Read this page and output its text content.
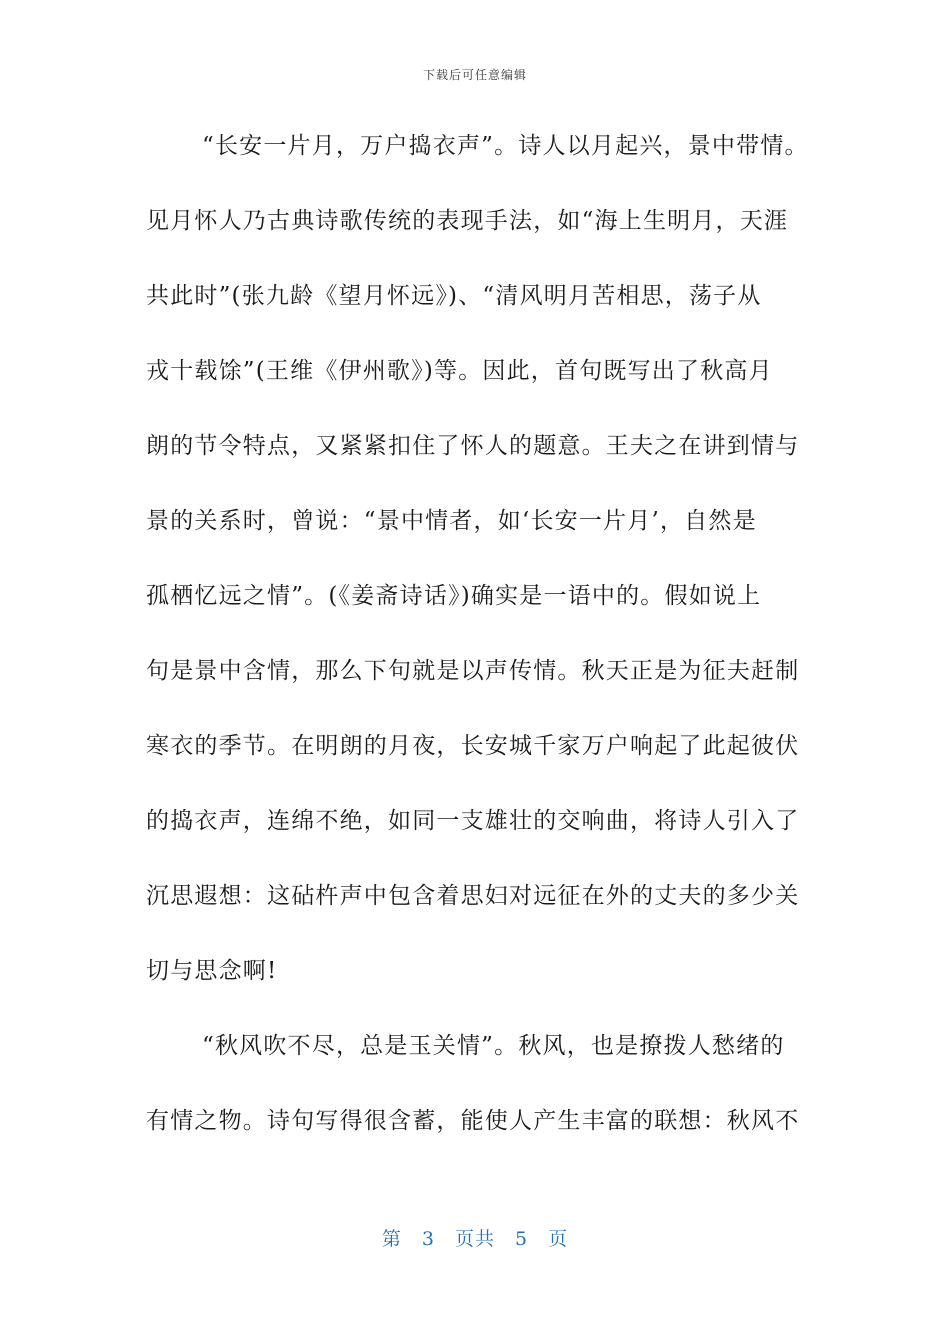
下载后可任意编辑
“长安一片月，万户捣衣声”。诗人以月起兴，景中带情。
见月怀人乃古典诗歌传统的表现手法，如“海上生明月，天涯
共此时”(张九龄《望月怀远》)、“清风明月苦相思，荡子从
戎十载馀”(王维《伊州歌》)等。因此，首句既写出了秋高月
朗的节令特点，又紧紧扣住了怀人的题意。王夫之在讲到情与
景的关系时，曾说：“景中情者，如‘长安一片月’，自然是
孤栖忆远之情”。(《姜斋诗话》)确实是一语中的。假如说上
句是景中含情，那么下句就是以声传情。秋天正是为征夫赶制
寒衣的季节。在明朗的月夜，长安城千家万户响起了此起彼伏
的捣衣声，连绵不绝，如同一支雄壮的交响曲，将诗人引入了
沉思遐想：这砧杵声中包含着思妇对远征在外的丈夫的多少关
切与思念啊!
“秋风吹不尽，总是玉关情”。秋风，也是撩拨人愁绪的
有情之物。诗句写得很含蓄，能使人产生丰富的联想：秋风不
第 3 页共 5 页
